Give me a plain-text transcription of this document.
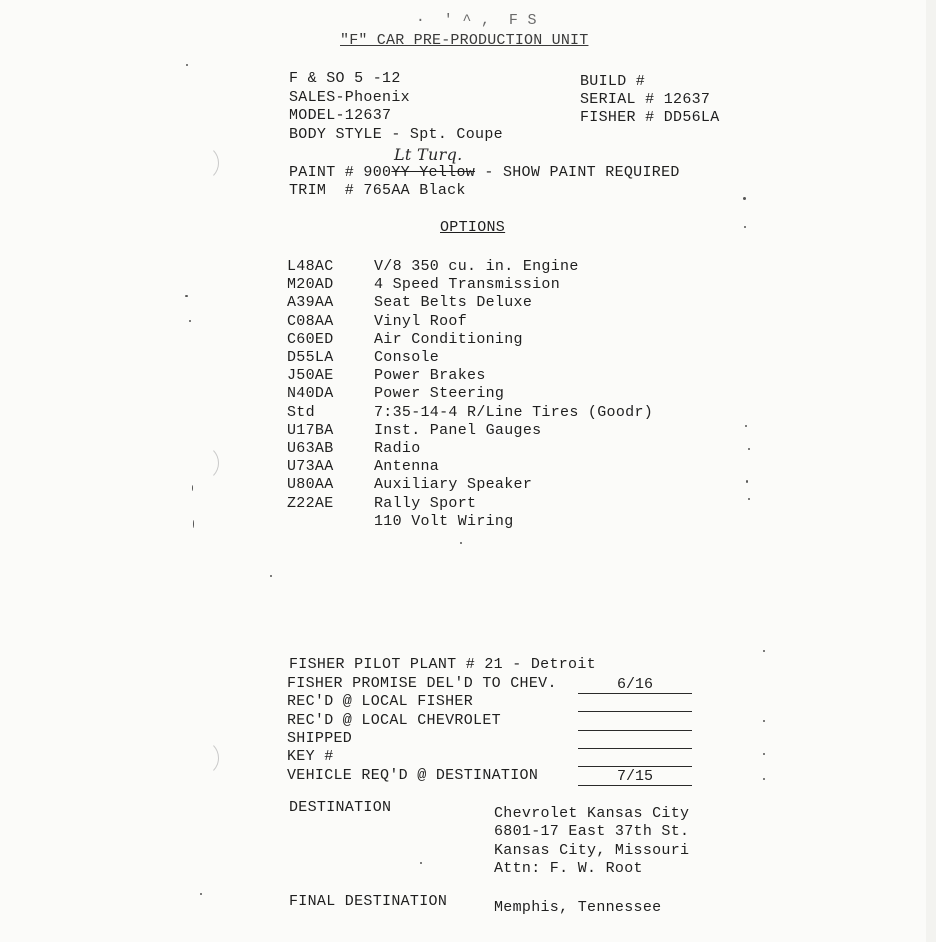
·  ' ^ ,  F S
"F" CAR PRE-PRODUCTION UNIT
F & SO 5 -12
SALES-Phoenix
MODEL-12637
BODY STYLE - Spt. Coupe
BUILD #
SERIAL # 12637
FISHER # DD56LA
PAINT # 900YY Yellow - SHOW PAINT REQUIRED
Lt Turq.
TRIM  # 765AA Black
OPTIONS
L48AC	V/8 350 cu. in. Engine
M20AD	4 Speed Transmission
A39AA	Seat Belts Deluxe
C08AA	Vinyl Roof
C60ED	Air Conditioning
D55LA	Console
J50AE	Power Brakes
N40DA	Power Steering
Std	7:35-14-4 R/Line Tires (Goodr)
U17BA	Inst. Panel Gauges
U63AB	Radio
U73AA	Antenna
U80AA	Auxiliary Speaker
Z22AE	Rally Sport
110 Volt Wiring
FISHER PILOT PLANT # 21 - Detroit
FISHER PROMISE DEL'D TO CHEV.	6/16
REC'D @ LOCAL FISHER
REC'D @ LOCAL CHEVROLET
SHIPPED
KEY #
VEHICLE REQ'D @ DESTINATION	7/15
DESTINATION	Chevrolet Kansas City
6801-17 East 37th St.
Kansas City, Missouri
Attn: F. W. Root
FINAL DESTINATION	Memphis, Tennessee
